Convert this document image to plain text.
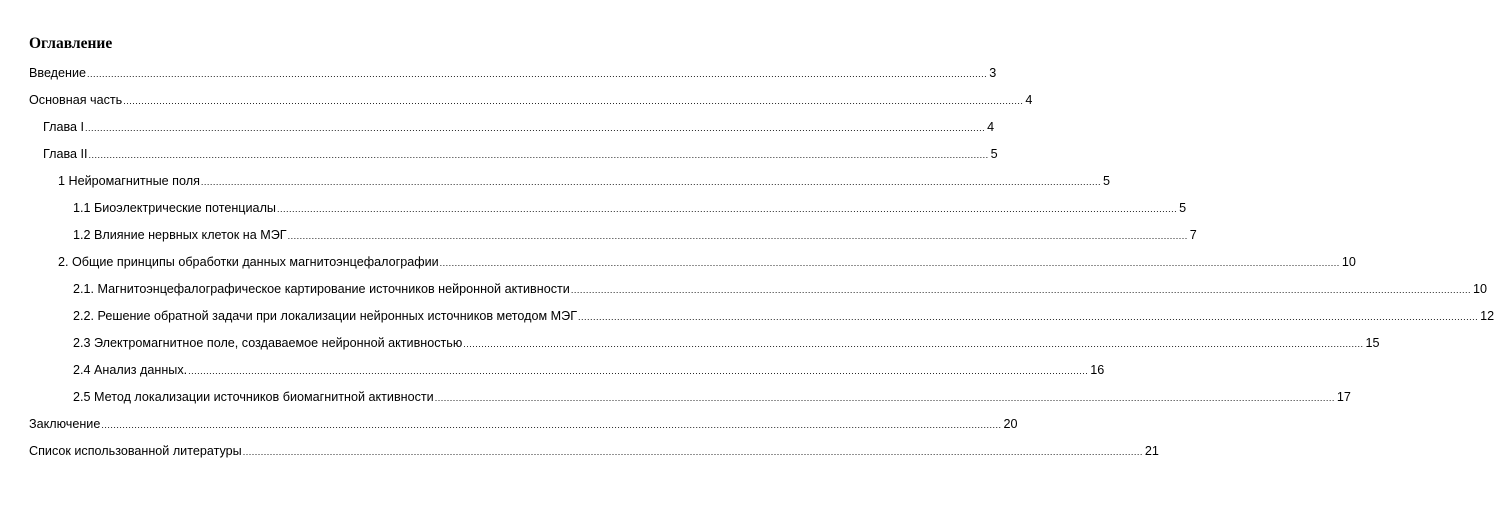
Оглавление
Введение ............................................................................................................................................................................................................................................................................................................ 3
Основная часть ............................................................................................................................................................................................................................................................................................................ 4
Глава I ............................................................................................................................................................................................................................................................................................................ 4
Глава II ............................................................................................................................................................................................................................................................................................................ 5
1 Нейромагнитные поля ............................................................................................................................................................................................................................................................................................................ 5
1.1 Биоэлектрические потенциалы ............................................................................................................................................................................................................................................................................................................ 5
1.2 Влияние нервных клеток на МЭГ ............................................................................................................................................................................................................................................................................................................ 7
2. Общие принципы обработки данных магнитоэнцефалографии ............................................................................................................................................................................................................................................................................................................ 10
2.1. Магнитоэнцефалографическое картирование источников нейронной активности ............................................................................................................................................................................................................................................................................................................ 10
2.2. Решение обратной задачи при локализации нейронных источников методом МЭГ ............................................................................................................................................................................................................................................................................................................ 12
2.3 Электромагнитное поле, создаваемое нейронной активностью ............................................................................................................................................................................................................................................................................................................ 15
2.4 Анализ данных. ............................................................................................................................................................................................................................................................................................................ 16
2.5 Метод локализации источников биомагнитной активности ............................................................................................................................................................................................................................................................................................................ 17
Заключение ............................................................................................................................................................................................................................................................................................................ 20
Список использованной литературы ............................................................................................................................................................................................................................................................................................................ 21
